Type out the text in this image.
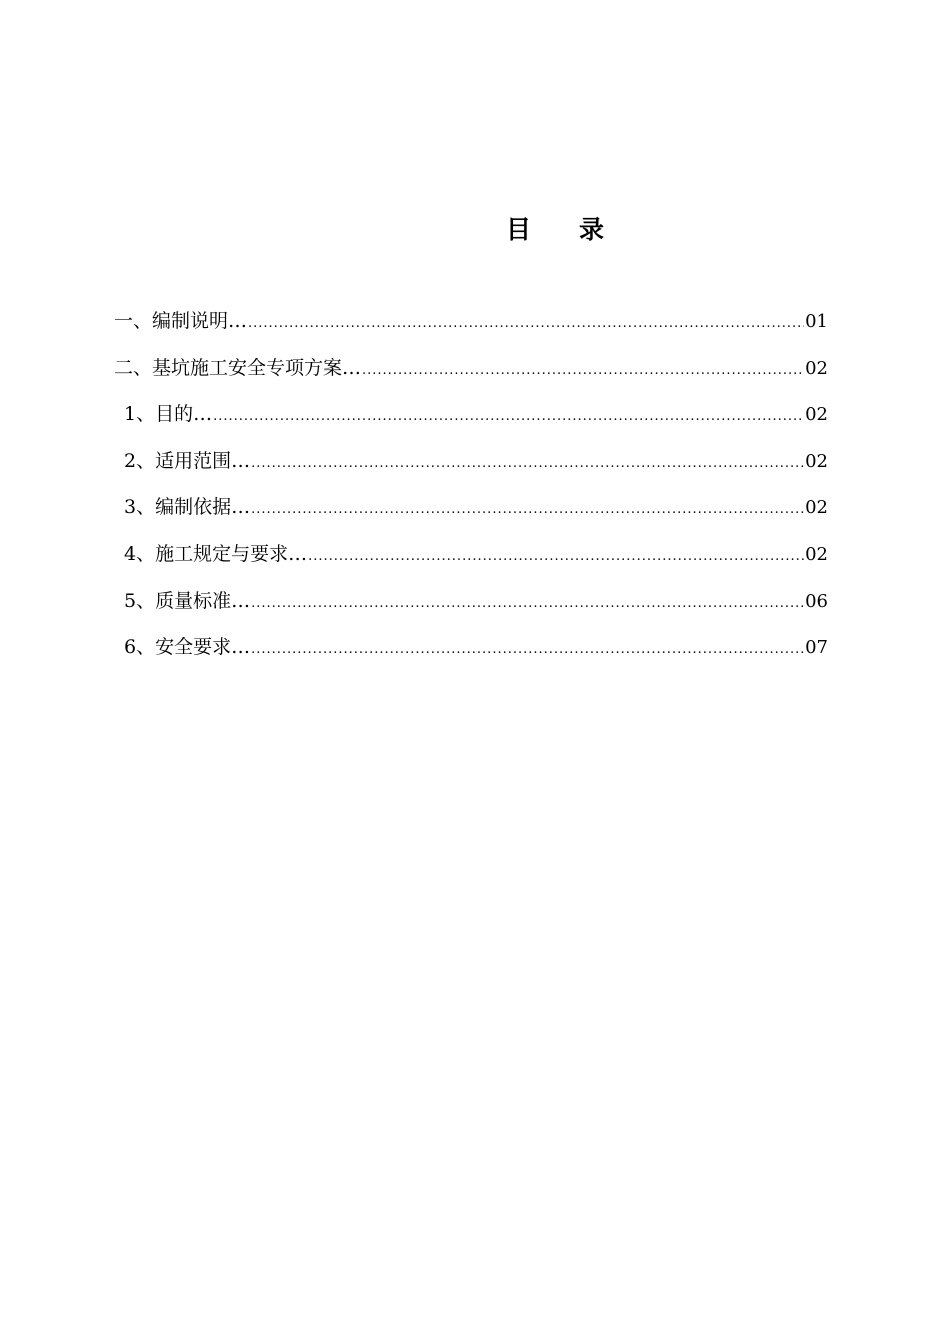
目 录
一、编制说明… .....	01
二、基坑施工安全专项方案… .....	02
1、目的… .....	02
2、适用范围… .....	02
3、编制依据… .....	02
4、施工规定与要求… .....	02
5、质量标准… .....	06
6、安全要求… .....	07
